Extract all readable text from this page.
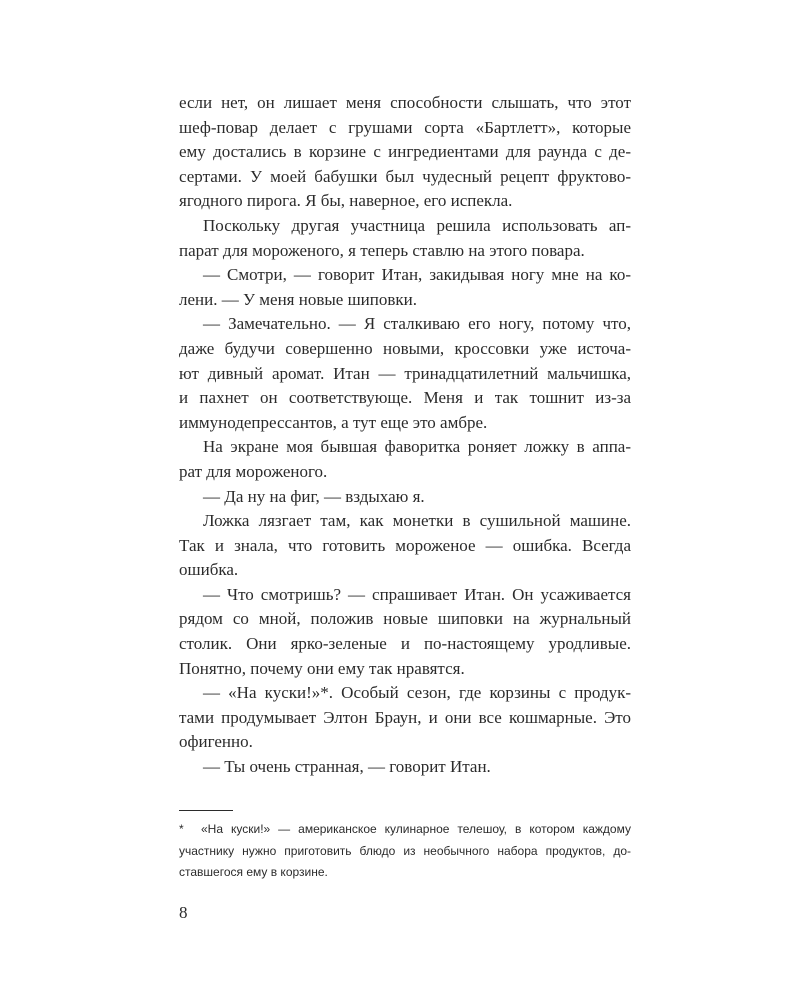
если нет, он лишает меня способности слышать, что этот
шеф-повар делает с грушами сорта «Бартлетт», которые
ему достались в корзине с ингредиентами для раунда с де-
сертами. У моей бабушки был чудесный рецепт фруктово-
ягодного пирога. Я бы, наверное, его испекла.
Поскольку другая участница решила использовать ап-
парат для мороженого, я теперь ставлю на этого повара.
— Смотри, — говорит Итан, закидывая ногу мне на ко-
лени. — У меня новые шиповки.
— Замечательно. — Я сталкиваю его ногу, потому что,
даже будучи совершенно новыми, кроссовки уже источа-
ют дивный аромат. Итан — тринадцатилетний мальчишка,
и пахнет он соответствующе. Меня и так тошнит из-за
иммунодепрессантов, а тут еще это амбре.
На экране моя бывшая фаворитка роняет ложку в аппа-
рат для мороженого.
— Да ну на фиг, — вздыхаю я.
Ложка лязгает там, как монетки в сушильной машине.
Так и знала, что готовить мороженое — ошибка. Всегда
ошибка.
— Что смотришь? — спрашивает Итан. Он усаживается
рядом со мной, положив новые шиповки на журнальный
столик. Они ярко-зеленые и по-настоящему уродливые.
Понятно, почему они ему так нравятся.
— «На куски!»*. Особый сезон, где корзины с продук-
тами продумывает Элтон Браун, и они все кошмарные. Это
офигенно.
— Ты очень странная, — говорит Итан.
*	«На куски!» — американское кулинарное телешоу, в котором каждому
участнику нужно приготовить блюдо из необычного набора продуктов, до-
ставшегося ему в корзине.
8
